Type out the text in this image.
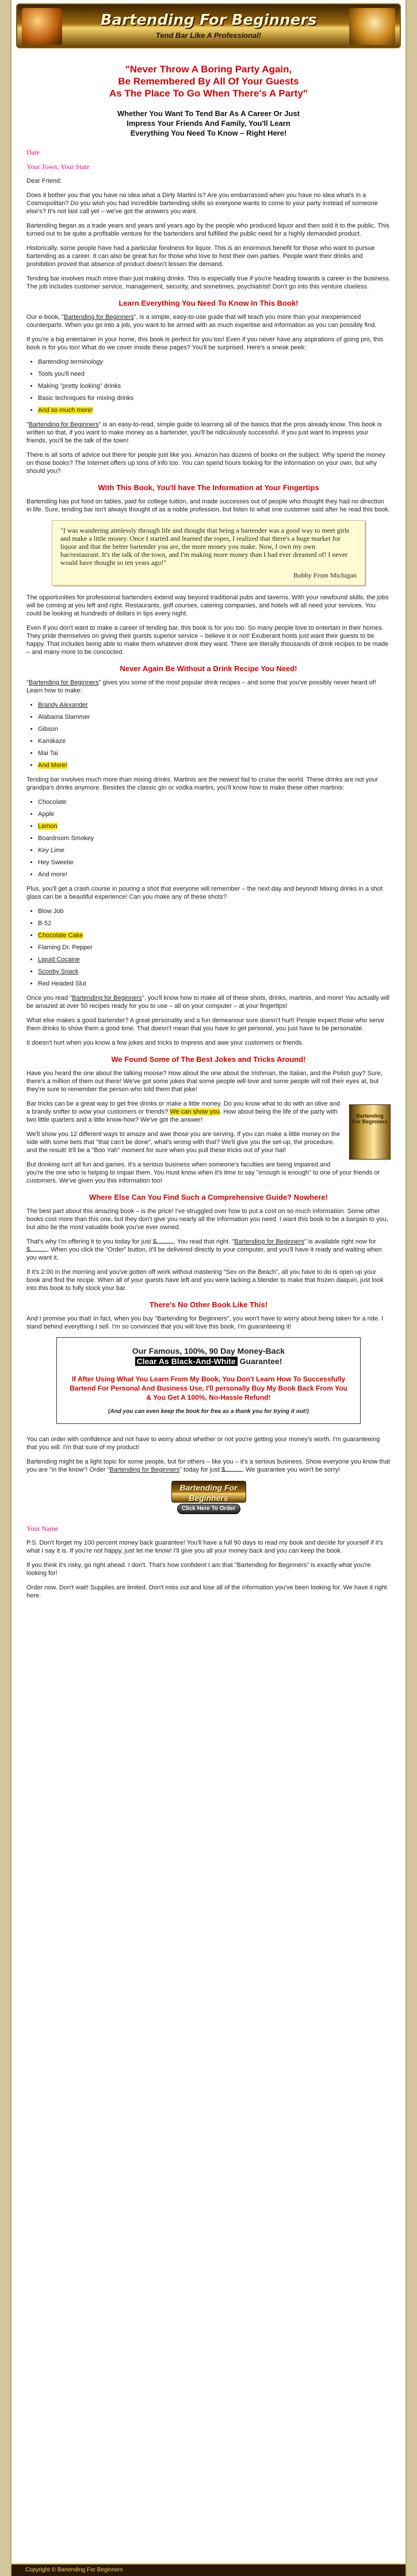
Bartending For Beginners
Tend Bar Like A Professional!
"Never Throw A Boring Party Again,
Be Remembered By All Of Your Guests
As The Place To Go When There's A Party"
Whether You Want To Tend Bar As A Career Or Just
Impress Your Friends And Family, You'll Learn
Everything You Need To Know – Right Here!
Date
Your Town, Your State

Dear Friend:

Does it bother you that you have no idea what a Dirty Martini is? Are you embarrassed when you have no idea what's in a Cosmopolitan? Do you wish you had incredible bartending skills so everyone wants to come to your party instead of someone else's? It's not last call yet – we've got the answers you want.

Bartending began as a trade years and years and years ago by the people who produced liquor and then sold it to the public. This turned out to be quite a profitable venture for the bartenders and fulfilled the public need for a highly demanded product.

Historically, some people have had a particular fondness for liquor. This is an enormous benefit for those who want to pursue bartending as a career. It can also be great fun for those who love to host their own parties. People want their drinks and prohibition proved that absence of product doesn't lessen the demand.

Tending bar involves much more than just making drinks. This is especially true if you're heading towards a career in the business. The job includes customer service, management, security, and sometimes, psychiatrist! Don't go into this venture clueless.

Learn Everything You Need To Know In This Book!

Our e-book, "Bartending for Beginners", is a simple, easy-to-use guide that will teach you more than your inexperienced counterparts. When you go into a job, you want to be armed with as much expertise and information as you can possibly find.

If you're a big entertainer in your home, this book is perfect for you too! Even if you never have any aspirations of going pro, this book is for you too! What do we cover inside these pages? You'll be surprised. Here's a sneak peek:

• Bartending terminology
• Tools you'll need
• Making "pretty looking" drinks
• Basic techniques for mixing drinks
• And so much more!

"Bartending for Beginners" is an easy-to-read, simple guide to learning all of the basics that the pros already know. This book is written so that, if you want to make money as a bartender, you'll be ridiculously successful. If you just want to impress your friends, you'll be the talk of the town!

There is all sorts of advice out there for people just like you. Amazon has dozens of books on the subject. Why spend the money on those books? The Internet offers up tons of info too. You can spend hours looking for the information on your own, but why should you?

With This Book, You'll have The Information at Your Fingertips

Bartending has put food on tables, paid for college tuition, and made successes out of people who thought they had no direction in life. Sure, tending bar isn't always thought of as a noble profession, but listen to what one customer said after he read this book.

"I was wandering aimlessly through life and thought that being a bartender was a good way to meet girls and make a little money. Once I started and learned the ropes, I realized that there's a huge market for liquor and that the better bartender you are, the more money you make. Now, I own my own bar/restaurant. It's the talk of the town, and I'm making more money than I had ever dreamed of! I never would have thought so ten years ago!"
Bobby From Michigan

The opportunities for professional bartenders extend way beyond traditional pubs and taverns. With your newfound skills, the jobs will be coming at you left and right. Restaurants, golf courses, catering companies, and hotels will all need your services. You could be looking at hundreds of dollars in tips every night.

Even if you don't want to make a career of tending bar, this book is for you too. So many people love to entertain in their homes. They pride themselves on giving their guests superior service – believe it or not! Exuberant hosts just want their guests to be happy. That includes being able to make them whatever drink they want. There are literally thousands of drink recipes to be made – and many more to be concocted.

Never Again Be Without a Drink Recipe You Need!

"Bartending for Beginners" gives you some of the most popular drink recipes – and some that you've possibly never heard of! Learn how to make:

• Brandy Alexander
• Alabama Slammer
• Gibson
• Kamikaze
• Mai Tai
• And More!

Tending bar involves much more than mixing drinks. Martinis are the newest fad to cruise the world. These drinks are not your grandpa's drinks anymore. Besides the classic gin or vodka martini, you'll know how to make these other martinis:

• Chocolate
• Apple
• Lemon
• Boardroom Smokey
• Key Lime
• Hey Sweetie
• And more!

Plus, you'll get a crash course in pouring a shot that everyone will remember – the next day and beyond! Mixing drinks in a shot glass can be a beautiful experience! Can you make any of these shots?

• Blow Job
• B-52
• Chocolate Cake
• Flaming Dr. Pepper
• Liquid Cocaine
• Scooby Snack
• Red Headed Slut

Once you read "Bartending for Beginners", you'll know how to make all of these shots, drinks, martinis, and more! You actually will be amazed at over 50 recipes ready for you to use – all on your computer – at your fingertips!

What else makes a good bartender? A great personality and a fun demeanour sure doesn't hurt! People expect those who serve them drinks to show them a good time. That doesn't mean that you have to get personal, you just have to be personable.

It doesn't hurt when you know a few jokes and tricks to impress and awe your customers or friends.

We Found Some of The Best Jokes and Tricks Around!

Have you heard the one about the talking moose? How about the one about the Irishman, the Italian, and the Polish guy? Sure, there's a million of them out there! We've got some jokes that some people will love and some people will roll their eyes at, but they're sure to remember the person who told them that joke!

Bartending For Beginners

Bar tricks can be a great way to get free drinks or make a little money. Do you know what to do with an olive and a brandy snifter to wow your customers or friends? We can show you. How about being the life of the party with two little quarters and a little know-how? We've got the answer!

We'll show you 12 different ways to amaze and awe those you are serving. If you can make a little money on the side with some bets that "that can't be done", what's wrong with that? We'll give you the set-up, the procedure, and the result! It'll be a "Boo Yah" moment for sure when you pull these tricks out of your hat!

But drinking isn't all fun and games. It's a serious business when someone's faculties are being impaired and you're the one who is helping to impair them. You must know when it's time to say "enough is enough" to one of your friends or customers. We've given you this information too!

Where Else Can You Find Such a Comprehensive Guide? Nowhere!

The best part about this amazing book – is the price! I've struggled over how to put a cost on so much information. Some other books cost more than this one, but they don't give you nearly all the information you need. I want this book to be a bargain to you, but also be the most valuable book you've ever owned.

That's why I'm offering it to you today for just $	. You read that right. "Bartending for Beginners" is available right now for $	. When you click the "Order" button, it'll be delivered directly to your computer, and you'll have it ready and waiting when you want it.

If it's 2:00 in the morning and you've gotten off work without mastering "Sex on the Beach", all you have to do is open up your book and find the recipe. When all of your guests have left and you were lacking a blender to make that frozen daiquiri, just look into this book to fully stock your bar.

There's No Other Book Like This!

And I promise you that! In fact, when you buy "Bartending for Beginners", you won't have to worry about being taken for a ride. I stand behind everything I sell. I'm so convinced that you will love this book, I'm guaranteeing it!

Our Famous, 100%, 90 Day Money-Back
Clear As Black-And-White Guarantee!
If After Using What You Learn From My Book, You Don't Learn How To Successfully Bartend For Personal And Business Use, I'll personally Buy My Book Back From You & You Get A 100%, No-Hassle Refund!
(And you can even keep the book for free as a thank you for trying it out!)

You can order with confidence and not have to worry about whether or not you're getting your money's worth. I'm guaranteeing that you will. I'm that sure of my product!

Bartending might be a light topic for some people, but for others – like you – it's a serious business. Show everyone you know that you are "in the know"! Order "Bartending for Beginners" today for just $	. We guarantee you won't be sorry!

Bartending For Beginners
Click Here To Order Now
Your Name

P.S. Don't forget my 100 percent money back guarantee! You'll have a full 90 days to read my book and decide for yourself if it's what I say it is. If you're not happy, just let me know! I'll give you all your money back and you can keep the book.

If you think it's risky, go right ahead. I don't. That's how confident I am that "Bartending for Beginners" is exactly what you're looking for!

Order now. Don't wait! Supplies are limited. Don't miss out and lose all of the information you've been looking for. We have it right here.

Copyright © Bartending For Beginners
